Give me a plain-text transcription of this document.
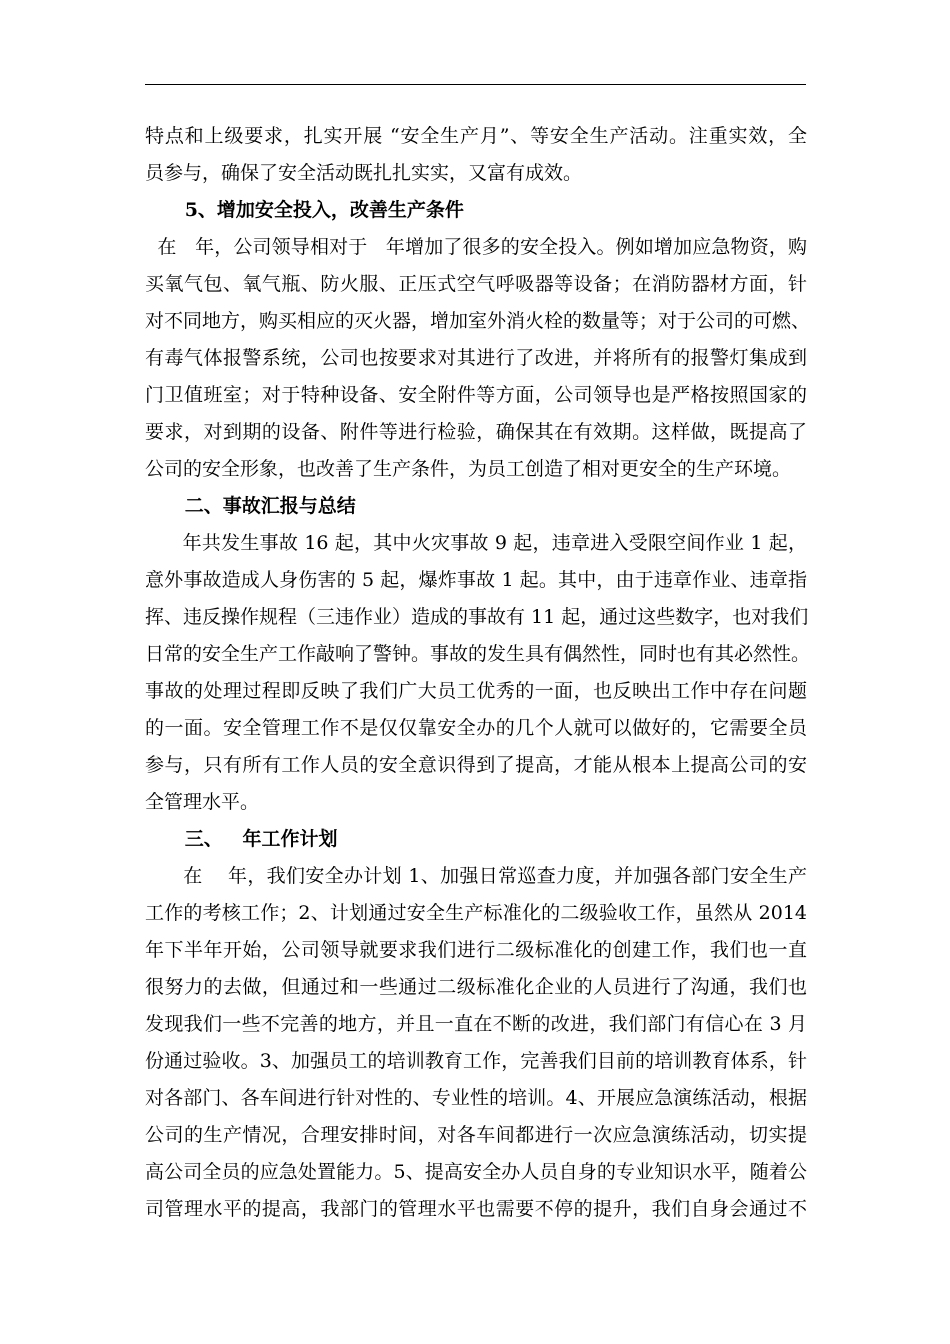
特点和上级要求，扎实开展 “安全生产月”、等安全生产活动。注重实效，全
员参与，确保了安全活动既扎扎实实，又富有成效。
5、增加安全投入，改善生产条件
在   年，公司领导相对于   年增加了很多的安全投入。例如增加应急物资，购
买氧气包、氧气瓶、防火服、正压式空气呼吸器等设备；在消防器材方面，针
对不同地方，购买相应的灭火器，增加室外消火栓的数量等；对于公司的可燃、
有毒气体报警系统，公司也按要求对其进行了改进，并将所有的报警灯集成到
门卫值班室；对于特种设备、安全附件等方面，公司领导也是严格按照国家的
要求，对到期的设备、附件等进行检验，确保其在有效期。这样做，既提高了
公司的安全形象，也改善了生产条件，为员工创造了相对更安全的生产环境。
二、事故汇报与总结
年共发生事故 16 起，其中火灾事故 9 起，违章进入受限空间作业 1 起，
意外事故造成人身伤害的 5 起，爆炸事故 1 起。其中，由于违章作业、违章指
挥、违反操作规程（三违作业）造成的事故有 11 起，通过这些数字，也对我们
日常的安全生产工作敲响了警钟。事故的发生具有偶然性，同时也有其必然性。
事故的处理过程即反映了我们广大员工优秀的一面，也反映出工作中存在问题
的一面。安全管理工作不是仅仅靠安全办的几个人就可以做好的，它需要全员
参与，只有所有工作人员的安全意识得到了提高，才能从根本上提高公司的安
全管理水平。
三、   年工作计划
在    年，我们安全办计划 1、加强日常巡查力度，并加强各部门安全生产
工作的考核工作；2、计划通过安全生产标准化的二级验收工作，虽然从 2014
年下半年开始，公司领导就要求我们进行二级标准化的创建工作，我们也一直
很努力的去做，但通过和一些通过二级标准化企业的人员进行了沟通，我们也
发现我们一些不完善的地方，并且一直在不断的改进，我们部门有信心在 3 月
份通过验收。3、加强员工的培训教育工作，完善我们目前的培训教育体系，针
对各部门、各车间进行针对性的、专业性的培训。4、开展应急演练活动，根据
公司的生产情况，合理安排时间，对各车间都进行一次应急演练活动，切实提
高公司全员的应急处置能力。5、提高安全办人员自身的专业知识水平，随着公
司管理水平的提高，我部门的管理水平也需要不停的提升，我们自身会通过不
